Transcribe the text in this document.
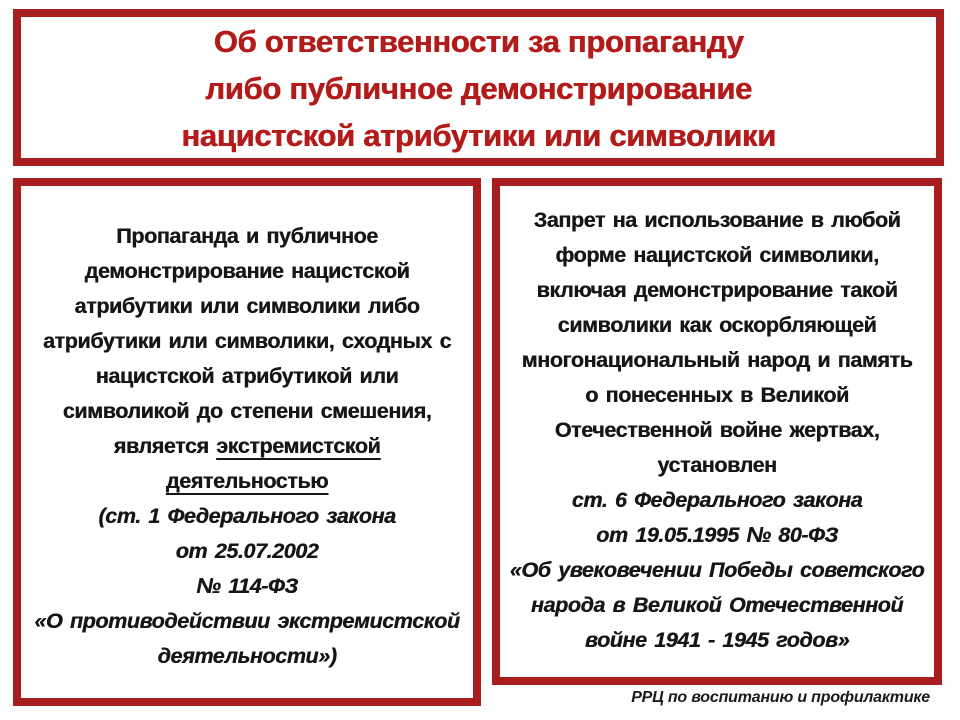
Об ответственности за пропаганду
либо публичное демонстрирование
нацистской атрибутики или символики
Пропаганда и публичное
демонстрирование нацистской
атрибутики или символики либо
атрибутики или символики, сходных с
нацистской атрибутикой или
символикой до степени смешения,
является экстремистской
деятельностью
(ст. 1 Федерального закона
от 25.07.2002
№ 114-ФЗ
«О противодействии экстремистской
деятельности»)
Запрет на использование в любой
форме нацистской символики,
включая демонстрирование такой
символики как оскорбляющей
многонациональный народ и память
о понесенных в Великой
Отечественной войне жертвах,
установлен
ст. 6 Федерального закона
от 19.05.1995 № 80-ФЗ
«Об увековечении Победы советского
народа в Великой Отечественной
войне 1941 - 1945 годов»
РРЦ по воспитанию и профилактике
